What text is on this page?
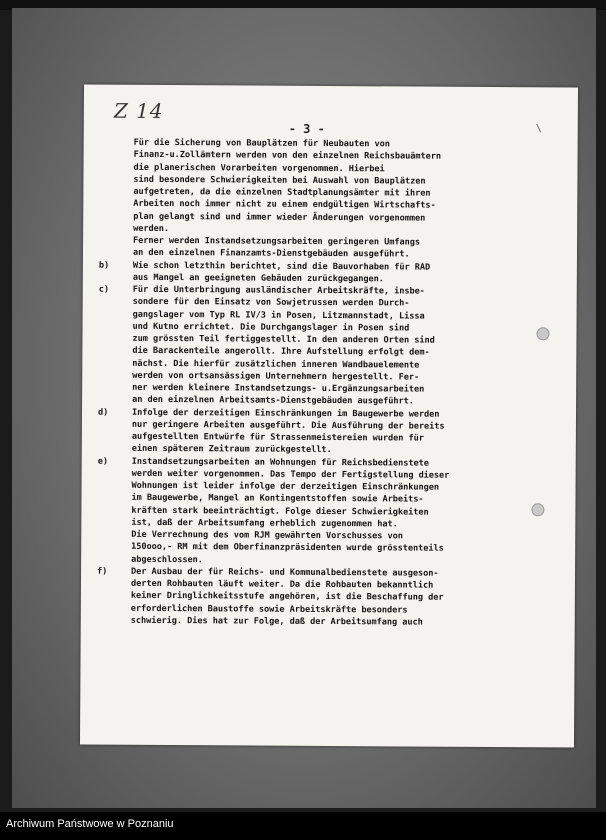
Z 14
- 3 -	\
Für die Sicherung von Bauplätzen für Neubauten von
Finanz-u.Zollämtern werden von den einzelnen Reichsbauämtern
die planerischen Vorarbeiten vorgenommen. Hierbei
sind besondere Schwierigkeiten bei Auswahl von Bauplätzen
aufgetreten, da die einzelnen Stadtplanungsämter mit ihren
Arbeiten noch immer nicht zu einem endgültigen Wirtschafts-
plan gelangt sind und immer wieder Änderungen vorgenommen
werden.
Ferner werden Instandsetzungsarbeiten geringeren Umfangs
an den einzelnen Finanzamts-Dienstgebäuden ausgeführt.
b)	Wie schon letzthin berichtet, sind die Bauvorhaben für RAD
aus Mangel an geeigneten Gebäuden zurückgegangen.
c)	Für die Unterbringung ausländischer Arbeitskräfte, insbe-
sondere für den Einsatz von Sowjetrussen werden Durch-
gangslager vom Typ RL IV/3 in Posen, Litzmannstadt, Lissa
und Kutno errichtet. Die Durchgangslager in Posen sind
zum grössten Teil fertiggestellt. In den anderen Orten sind
die Barackenteile angerollt. Ihre Aufstellung erfolgt dem-
nächst. Die hierfür zusätzlichen inneren Wandbauelemente
werden von ortsansässigen Unternehmern hergestellt. Fer-
ner werden kleinere Instandsetzungs- u.Ergänzungsarbeiten
an den einzelnen Arbeitsamts-Dienstgebäuden ausgeführt.
d)	Infolge der derzeitigen Einschränkungen im Baugewerbe werden
nur geringere Arbeiten ausgeführt. Die Ausführung der bereits
aufgestellten Entwürfe für Strassenmeistereien wurden für
einen späteren Zeitraum zurückgestellt.
e)	Instandsetzungsarbeiten an Wohnungen für Reichsbedienstete
werden weiter vorgenommen. Das Tempo der Fertigstellung dieser
Wohnungen ist leider infolge der derzeitigen Einschränkungen
im Baugewerbe, Mangel an Kontingentstoffen sowie Arbeits-
kräften stark beeinträchtigt. Folge dieser Schwierigkeiten
ist, daß der Arbeitsumfang erheblich zugenommen hat.
Die Verrechnung des vom RJM gewährten Vorschusses von
150ooo,- RM mit dem Oberfinanzpräsidenten wurde grösstenteils
abgeschlossen.
f)	Der Ausbau der für Reichs- und Kommunalbedienstete ausgeson-
derten Rohbauten läuft weiter. Da die Rohbauten bekanntlich
keiner Dringlichkeitsstufe angehören, ist die Beschaffung der
erforderlichen Baustoffe sowie Arbeitskräfte besonders
schwierig. Dies hat zur Folge, daß der Arbeitsumfang auch
Archiwum Państwowe w Poznaniu
